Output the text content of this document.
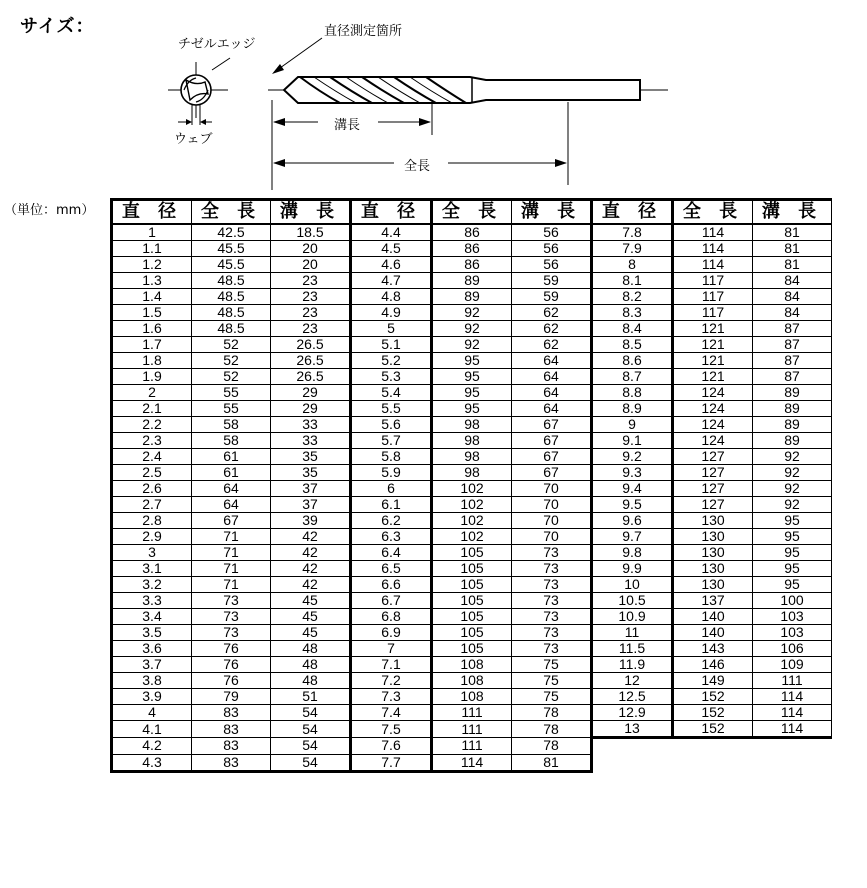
サイズ：
チゼルエッジ
直径測定箇所
ウェブ
溝長
全長
（単位：mm） 直 径	全 長	溝 長	直 径	全 長	溝 長	直 径	全 長	溝 長
1	42.5	18.5	4.4	86	56	7.8	114	81
1.1	45.5	20	4.5	86	56	7.9	114	81
1.2	45.5	20	4.6	86	56	8	114	81
1.3	48.5	23	4.7	89	59	8.1	117	84
1.4	48.5	23	4.8	89	59	8.2	117	84
1.5	48.5	23	4.9	92	62	8.3	117	84
1.6	48.5	23	5	92	62	8.4	121	87
1.7	52	26.5	5.1	92	62	8.5	121	87
1.8	52	26.5	5.2	95	64	8.6	121	87
1.9	52	26.5	5.3	95	64	8.7	121	87
2	55	29	5.4	95	64	8.8	124	89
2.1	55	29	5.5	95	64	8.9	124	89
2.2	58	33	5.6	98	67	9	124	89
2.3	58	33	5.7	98	67	9.1	124	89
2.4	61	35	5.8	98	67	9.2	127	92
2.5	61	35	5.9	98	67	9.3	127	92
2.6	64	37	6	102	70	9.4	127	92
2.7	64	37	6.1	102	70	9.5	127	92
2.8	67	39	6.2	102	70	9.6	130	95
2.9	71	42	6.3	102	70	9.7	130	95
3	71	42	6.4	105	73	9.8	130	95
3.1	71	42	6.5	105	73	9.9	130	95
3.2	71	42	6.6	105	73	10	130	95
3.3	73	45	6.7	105	73	10.5	137	100
3.4	73	45	6.8	105	73	10.9	140	103
3.5	73	45	6.9	105	73	11	140	103
3.6	76	48	7	105	73	11.5	143	106
3.7	76	48	7.1	108	75	11.9	146	109
3.8	76	48	7.2	108	75	12	149	111
3.9	79	51	7.3	108	75	12.5	152	114
4	83	54	7.4	111	78	12.9	152	114
4.1	83	54	7.5	111	78	13	152	114
4.2	83	54	7.6	111	78			
4.3	83	54	7.7	114	81			
